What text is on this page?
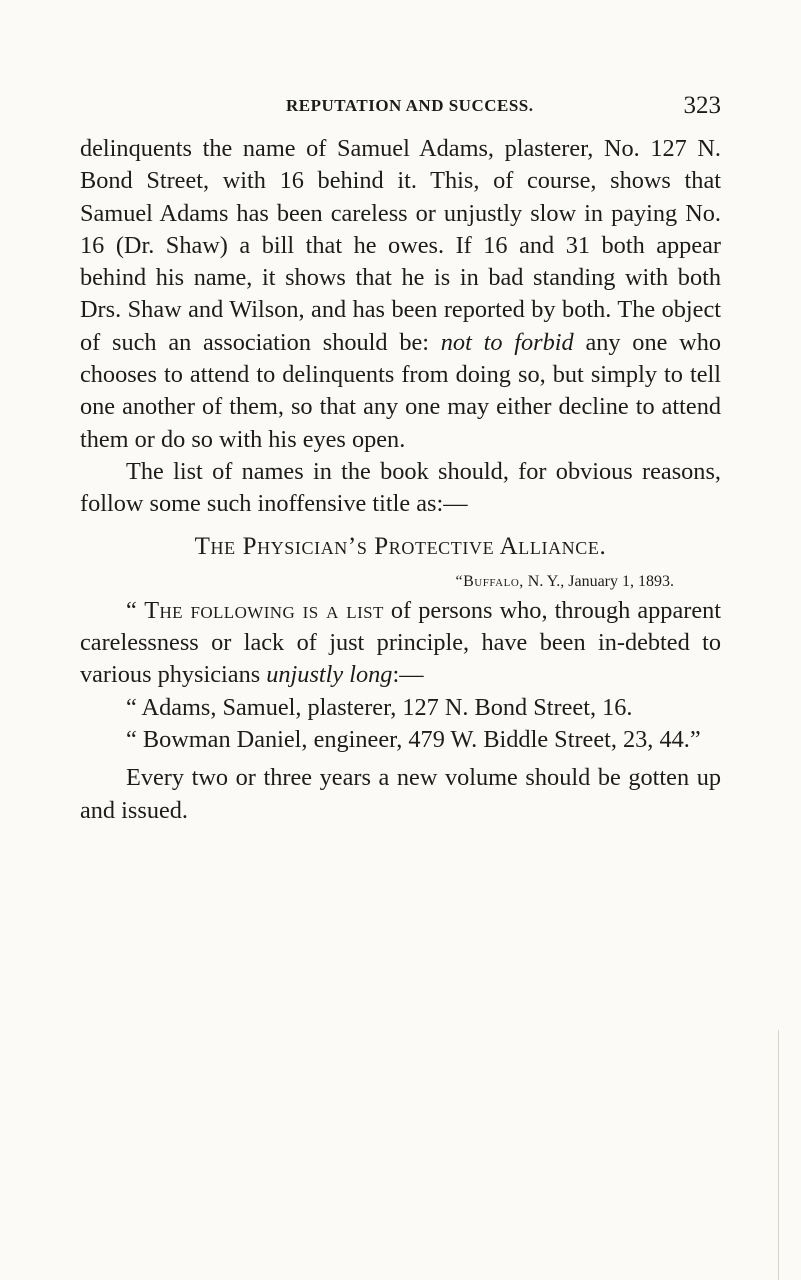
REPUTATION AND SUCCESS.	323

delinquents the name of Samuel Adams, plasterer, No. 127 N. Bond Street, with 16 behind it. This, of course, shows that Samuel Adams has been careless or unjustly slow in paying No. 16 (Dr. Shaw) a bill that he owes. If 16 and 31 both appear behind his name, it shows that he is in bad standing with both Drs. Shaw and Wilson, and has been reported by both. The object of such an association should be: not to forbid any one who chooses to attend to delinquents from doing so, but simply to tell one another of them, so that any one may either decline to attend them or do so with his eyes open.

The list of names in the book should, for obvious reasons, follow some such inoffensive title as:—

The Physician’s Protective Alliance.

“Buffalo, N. Y., January 1, 1893.

“ The following is a list of persons who, through apparent carelessness or lack of just principle, have been in-debted to various physicians unjustly long:—

“ Adams, Samuel, plasterer, 127 N. Bond Street, 16.

“ Bowman Daniel, engineer, 479 W. Biddle Street, 23, 44.”

Every two or three years a new volume should be gotten up and issued.
